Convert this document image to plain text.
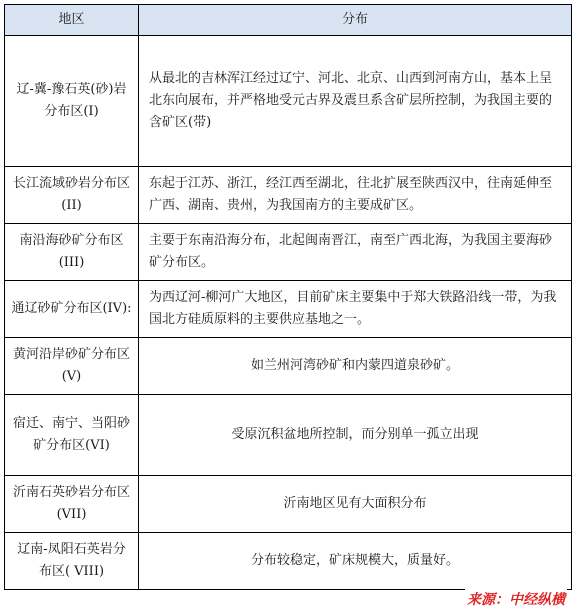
地区	分布
辽-冀-豫石英(砂)岩分布区(I)	从最北的吉林浑江经过辽宁、河北、北京、山西到河南方山，基本上呈北东向展布，并严格地受元古界及震旦系含矿层所控制，为我国主要的含矿区(带)
长江流域砂岩分布区(II)	东起于江苏、浙江，经江西至湖北，往北扩展至陕西汉中，往南延伸至广西、湖南、贵州，为我国南方的主要成矿区。
南沿海砂矿分布区(III)	主要于东南沿海分布，北起闽南晋江，南至广西北海，为我国主要海砂矿分布区。
通辽砂矿分布区(IV):	为西辽河-柳河广大地区，目前矿床主要集中于郑大铁路沿线一带，为我国北方硅质原料的主要供应基地之一。
黄河沿岸砂矿分布区(V)	如兰州河湾砂矿和内蒙四道泉砂矿。
宿迁、南宁、当阳砂矿分布区(VI)	受原沉积盆地所控制，而分别单一孤立出现
沂南石英砂岩分布区(VII)	沂南地区见有大面积分布
辽南-凤阳石英岩分布区( VIII)	分布较稳定，矿床规模大，质量好。
来源：中经纵横
